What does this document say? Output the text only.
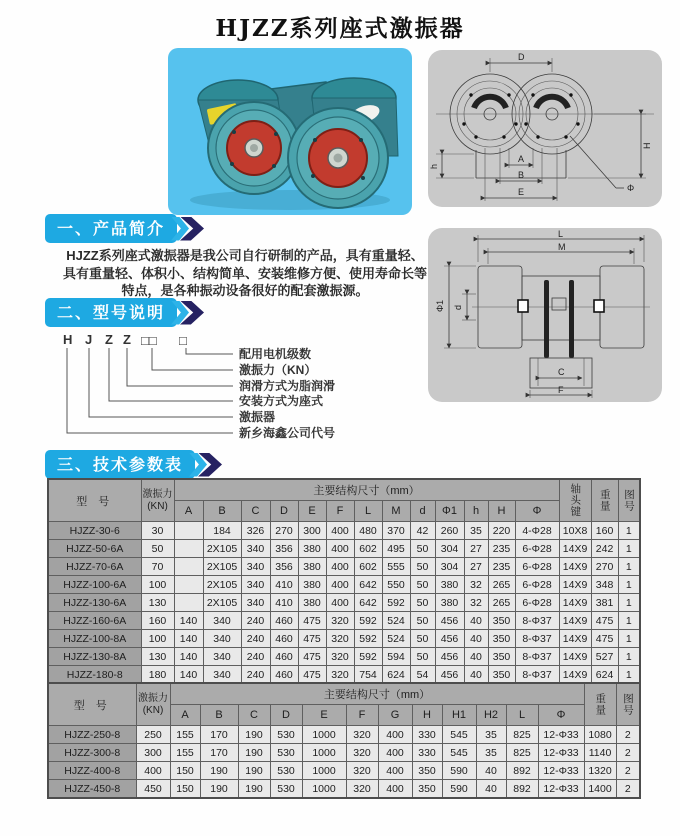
HJZZ系列座式激振器
D
H
h
A
B
E	Φ
L
M
Φ1 d
C
F
一、产品简介
HJZZ系列座式激振器是我公司自行研制的产品，具有重量轻、
具有重量轻、体积小、结构简单、安装维修方便、使用寿命长等
特点，是各种振动设备很好的配套激振源。
二、型号说明
H J Z Z □□ □
配用电机级数
激振力（KN）
润滑方式为脂润滑
安装方式为座式
激振器
新乡海鑫公司代号
三、技术参数表
型 号	激振力
(KN)	主要结构尺寸（mm）													轴头键	重量	图号

		A	B	C	D	E	F	L	M	d	Φ1	h	H	Φ			
HJZZ-30-6	30		184	326	270	300	400	480	370	42	260	35	220	4-Φ28	10X8	160	1
HJZZ-50-6A	50		2X105	340	356	380	400	602	495	50	304	27	235	6-Φ28	14X9	242	1
HJZZ-70-6A	70		2X105	340	356	380	400	602	555	50	304	27	235	6-Φ28	14X9	270	1
HJZZ-100-6A	100		2X105	340	410	380	400	642	550	50	380	32	265	6-Φ28	14X9	348	1
HJZZ-130-6A	130		2X105	340	410	380	400	642	592	50	380	32	265	6-Φ28	14X9	381	1
HJZZ-160-6A	160	140	340	240	460	475	320	592	524	50	456	40	350	8-Φ37	14X9	475	1
HJZZ-100-8A	100	140	340	240	460	475	320	592	524	50	456	40	350	8-Φ37	14X9	475	1
HJZZ-130-8A	130	140	340	240	460	475	320	592	594	50	456	40	350	8-Φ37	14X9	527	1
HJZZ-180-8	180	140	340	240	460	475	320	754	624	54	456	40	350	8-Φ37	14X9	624	1
型 号	激振力
(KN)	主要结构尺寸（mm）												重量	图号

		A	B	C	D	E	F	G	H	H1	H2	L	Φ		
HJZZ-250-8	250	155	170	190	530	1000	320	400	330	545	35	825	12-Φ33	1080	2
HJZZ-300-8	300	155	170	190	530	1000	320	400	330	545	35	825	12-Φ33	1140	2
HJZZ-400-8	400	150	190	190	530	1000	320	400	350	590	40	892	12-Φ33	1320	2
HJZZ-450-8	450	150	190	190	530	1000	320	400	350	590	40	892	12-Φ33	1400	2
